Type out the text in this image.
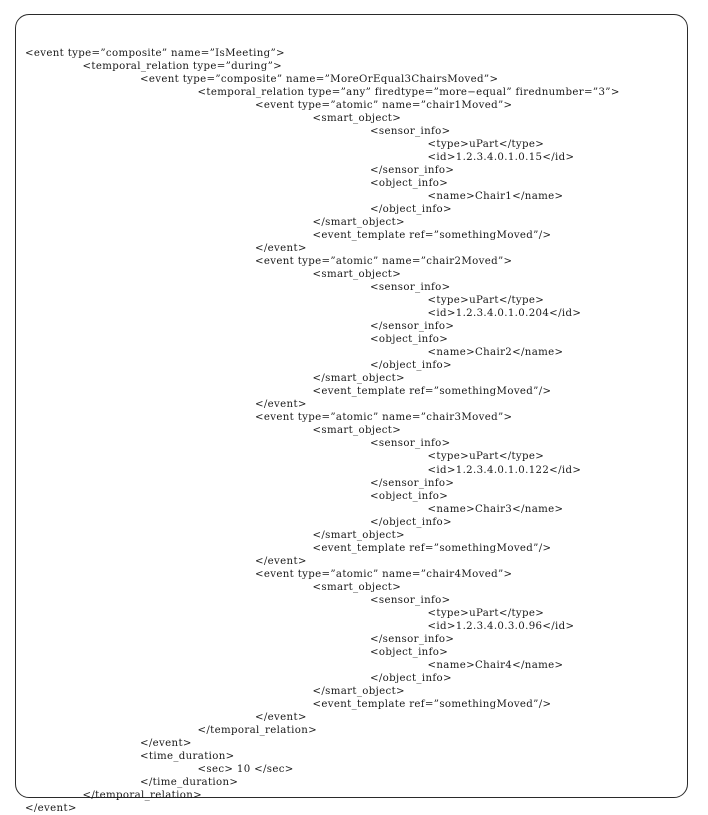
<event type=”composite” name=”IsMeeting”>
<temporal_relation type=”during”>
<event type=”composite” name=”MoreOrEqual3ChairsMoved”>
<temporal_relation type=”any” firedtype=”more−equal” firednumber=”3”>
<event type=”atomic” name=”chair1Moved”>
<smart_object>
<sensor_info>
<type>uPart</type>
<id>1.2.3.4.0.1.0.15</id>
</sensor_info>
<object_info>
<name>Chair1</name>
</object_info>
</smart_object>
<event_template ref=”somethingMoved”/>
</event>
<event type=”atomic” name=”chair2Moved”>
<smart_object>
<sensor_info>
<type>uPart</type>
<id>1.2.3.4.0.1.0.204</id>
</sensor_info>
<object_info>
<name>Chair2</name>
</object_info>
</smart_object>
<event_template ref=”somethingMoved”/>
</event>
<event type=”atomic” name=”chair3Moved”>
<smart_object>
<sensor_info>
<type>uPart</type>
<id>1.2.3.4.0.1.0.122</id>
</sensor_info>
<object_info>
<name>Chair3</name>
</object_info>
</smart_object>
<event_template ref=”somethingMoved”/>
</event>
<event type=”atomic” name=”chair4Moved”>
<smart_object>
<sensor_info>
<type>uPart</type>
<id>1.2.3.4.0.3.0.96</id>
</sensor_info>
<object_info>
<name>Chair4</name>
</object_info>
</smart_object>
<event_template ref=”somethingMoved”/>
</event>
</temporal_relation>
</event>
<time_duration>
<sec> 10 </sec>
</time_duration>
</temporal_relation>
</event>
